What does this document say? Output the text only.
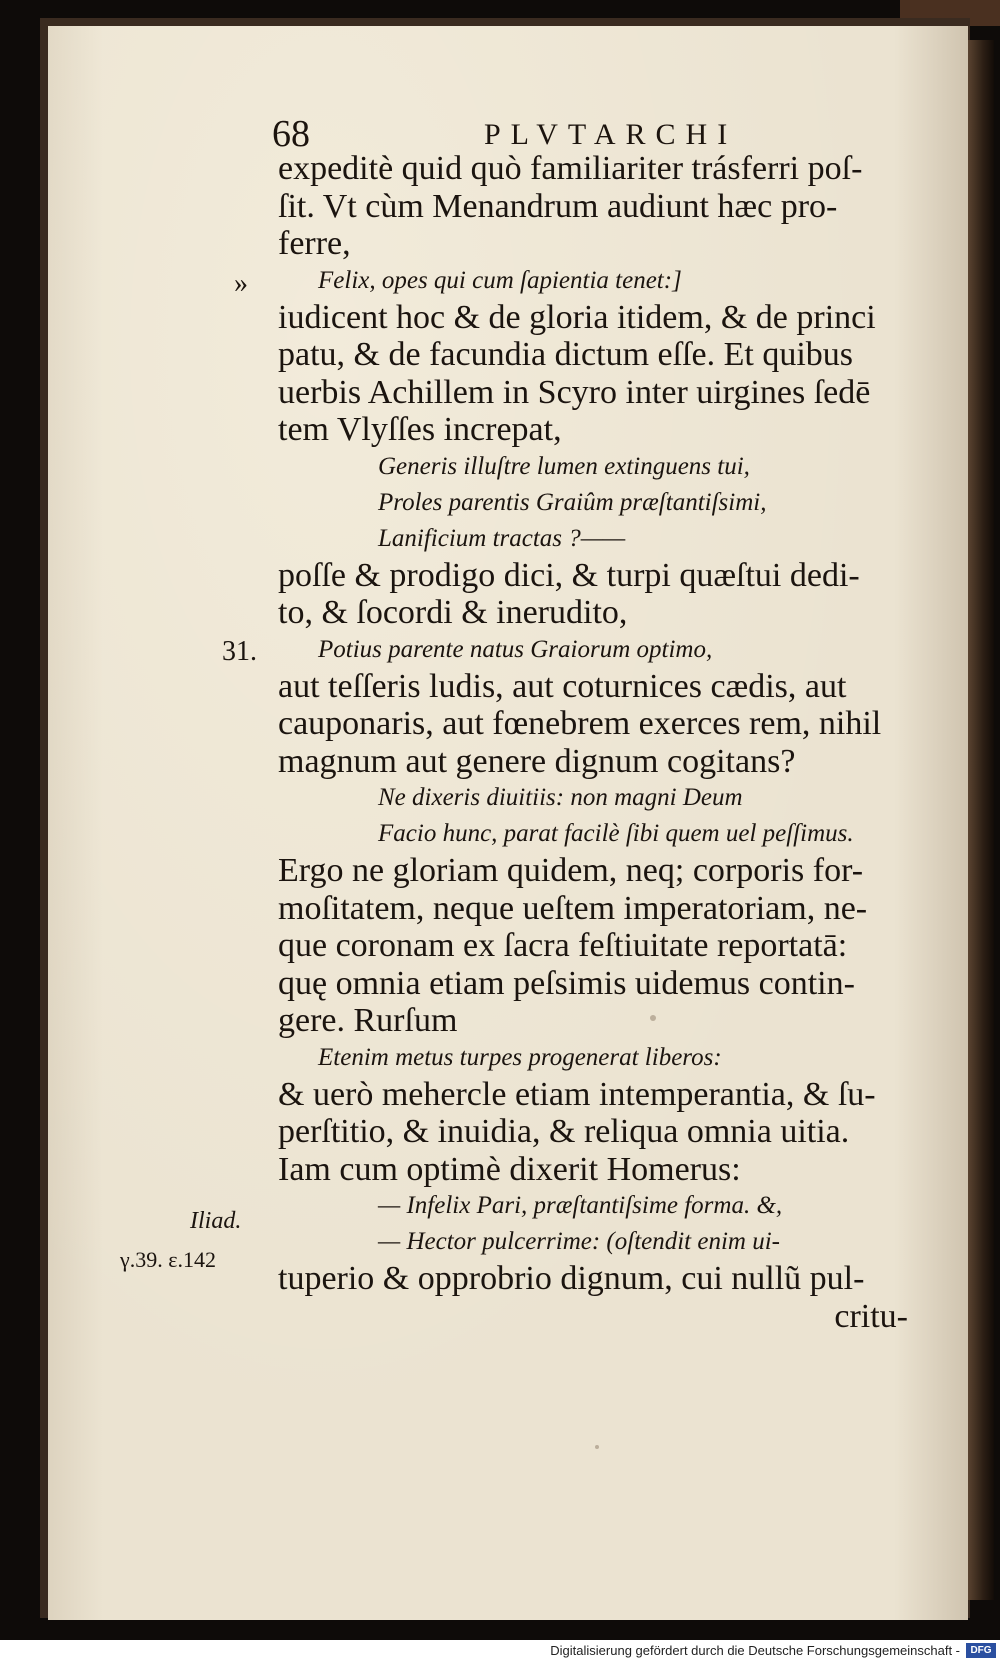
68	PLVTARCHI
expeditè quid quò familiariter trásferri poſ-
ſit. Vt cùm Menandrum audiunt hæc pro-
ferre,
Felix, opes qui cum ſapientia tenet:]
iudicent hoc & de gloria itidem, & de princi
patu, & de facundia dictum eſſe. Et quibus
uerbis Achillem in Scyro inter uirgines ſedē
tem Vlyſſes increpat,
Generis illuſtre lumen extinguens tui,
Proles parentis Graiûm præſtantiſsimi,
Lanificium tractas ?——
poſſe & prodigo dici, & turpi quæſtui dedi-
to, & ſocordi & inerudito,
Potius parente natus Graiorum optimo,
aut teſſeris ludis, aut coturnices cædis, aut
cauponaris, aut fœnebrem exerces rem, nihil
magnum aut genere dignum cogitans?
Ne dixeris diuitiis: non magni Deum
Facio hunc, parat facilè ſibi quem uel peſſimus.
Ergo ne gloriam quidem, neq; corporis for-
moſitatem, neque ueſtem imperatoriam, ne-
que coronam ex ſacra feſtiuitate reportatā:
quę omnia etiam peſsimis uidemus contin-
gere. Rurſum
Etenim metus turpes progenerat liberos:
& uerò mehercle etiam intemperantia, & ſu-
perſtitio, & inuidia, & reliqua omnia uitia.
Iam cum optimè dixerit Homerus:
— Infelix Pari, præſtantiſsime forma. &,
— Hector pulcerrime: (oſtendit enim ui-
tuperio & opprobrio dignum, cui nullũ pul-
critu-
»
31.
Iliad.
γ.39. ε.142
Digitalisierung gefördert durch die Deutsche Forschungsgemeinschaft -	DFG
